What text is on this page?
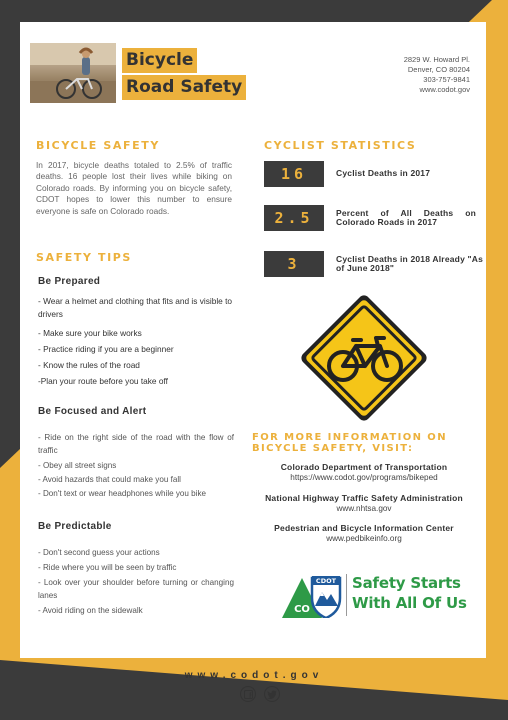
Bicycle
Road Safety
2829 W. Howard Pl.
Denver, CO 80204
303-757-9841
www.codot.gov
BICYCLE SAFETY
In 2017, bicycle deaths totaled to 2.5% of traffic deaths. 16 people lost their lives while biking on Colorado roads. By informing you on bicycle safety, CDOT hopes to lower this number to ensure everyone is safe on Colorado roads.
SAFETY TIPS
Be Prepared
- Wear a helmet and clothing that fits and is visible to drivers
- Make sure your bike works
- Practice riding if you are a beginner
- Know the rules of the road
-Plan your route before you take off
Be Focused and Alert
- Ride on the right side of the road with the flow of traffic
- Obey all street signs
- Avoid hazards that could make you fall
- Don't text or wear headphones while you bike
Be Predictable
- Don't second guess your actions
- Ride where you will be seen by traffic
- Look over your shoulder before turning or changing lanes
- Avoid riding on the sidewalk
CYCLIST STATISTICS
16	Cyclist Deaths in 2017
2.5	Percent of All Deaths on Colorado Roads in 2017
3	Cyclist Deaths in 2018 Already "As of June 2018"
FOR MORE INFORMATION ON BICYCLE SAFETY, VISIT:
Colorado Department of Transportation
https://www.codot.gov/programs/bikeped
National Highway Traffic Safety Administration
www.nhtsa.gov
Pedestrian and Bicycle Information Center
www.pedbikeinfo.org
CO
CDOT Safety Starts
With All Of Us
www.codot.gov
